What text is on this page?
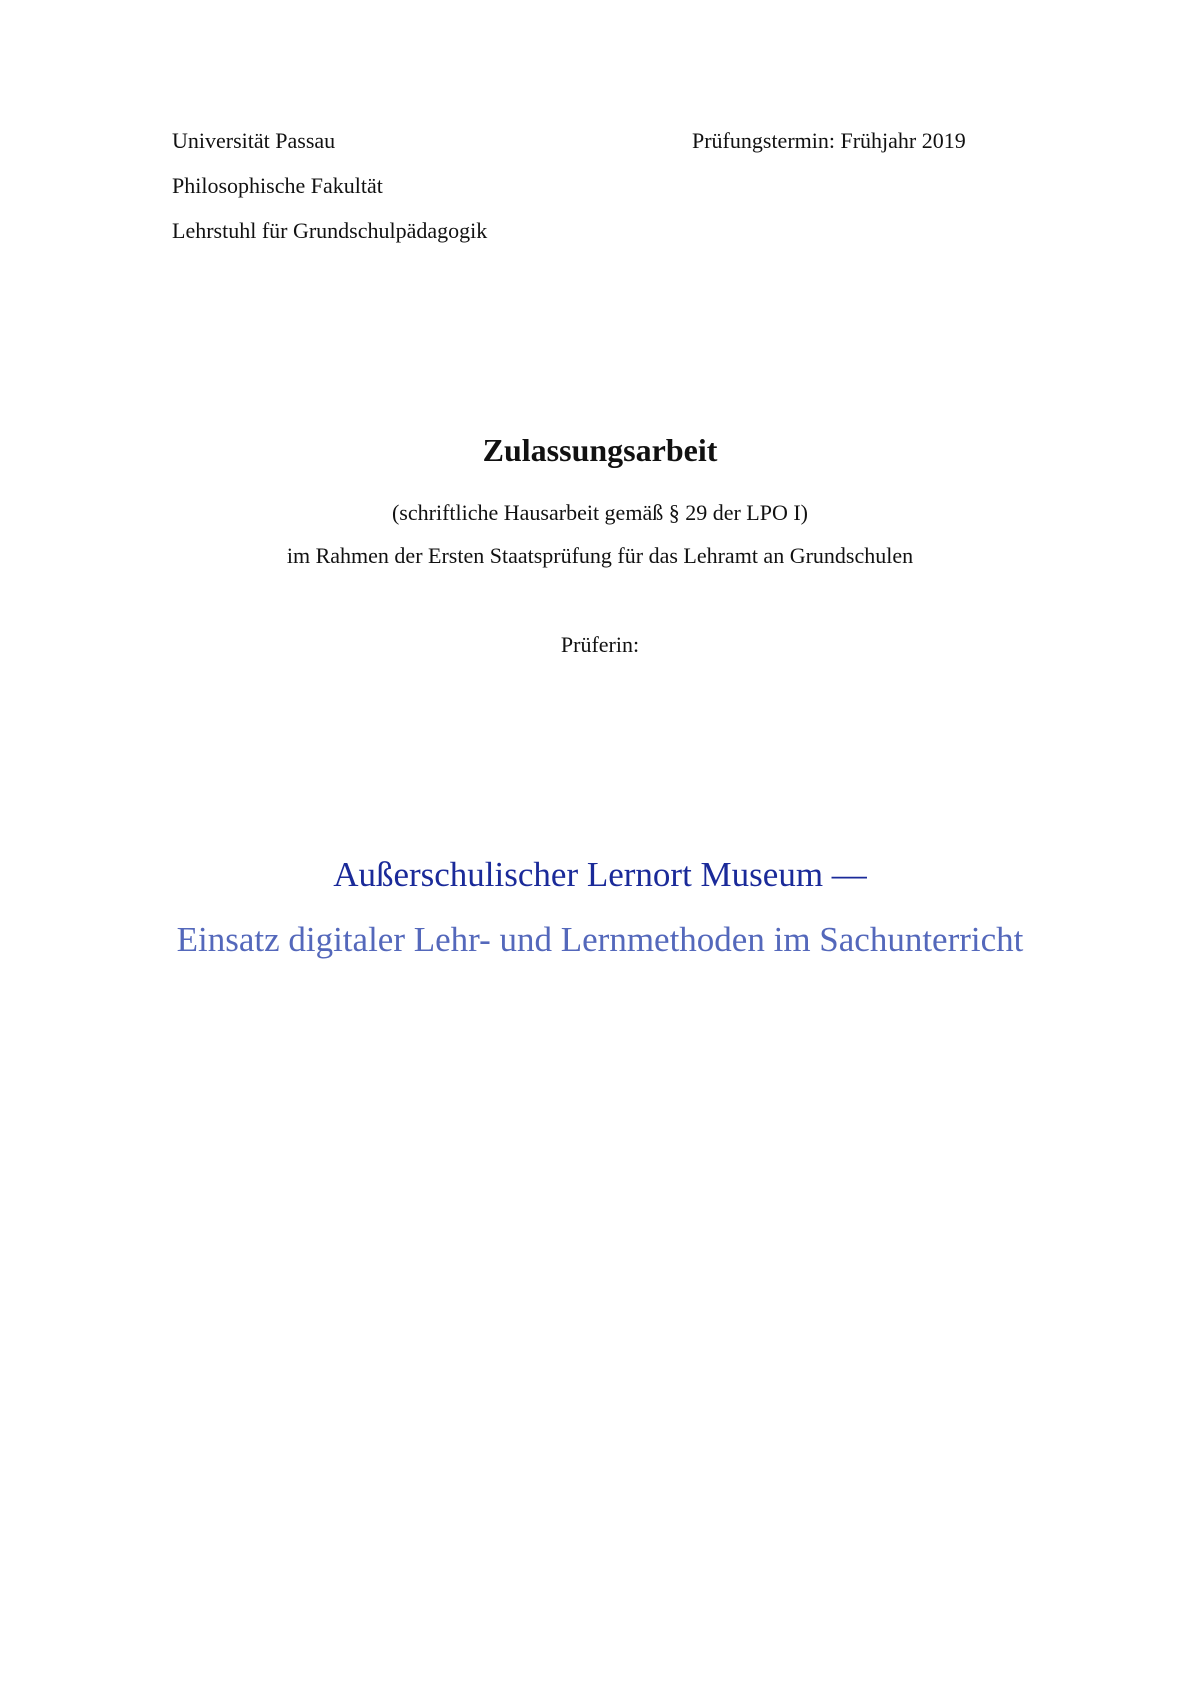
Universität Passau
Philosophische Fakultät
Lehrstuhl für Grundschulpädagogik
Prüfungstermin: Frühjahr 2019
Zulassungsarbeit
(schriftliche Hausarbeit gemäß § 29 der LPO I)
im Rahmen der Ersten Staatsprüfung für das Lehramt an Grundschulen
Prüferin:
Außerschulischer Lernort Museum —
Einsatz digitaler Lehr- und Lernmethoden im Sachunterricht
